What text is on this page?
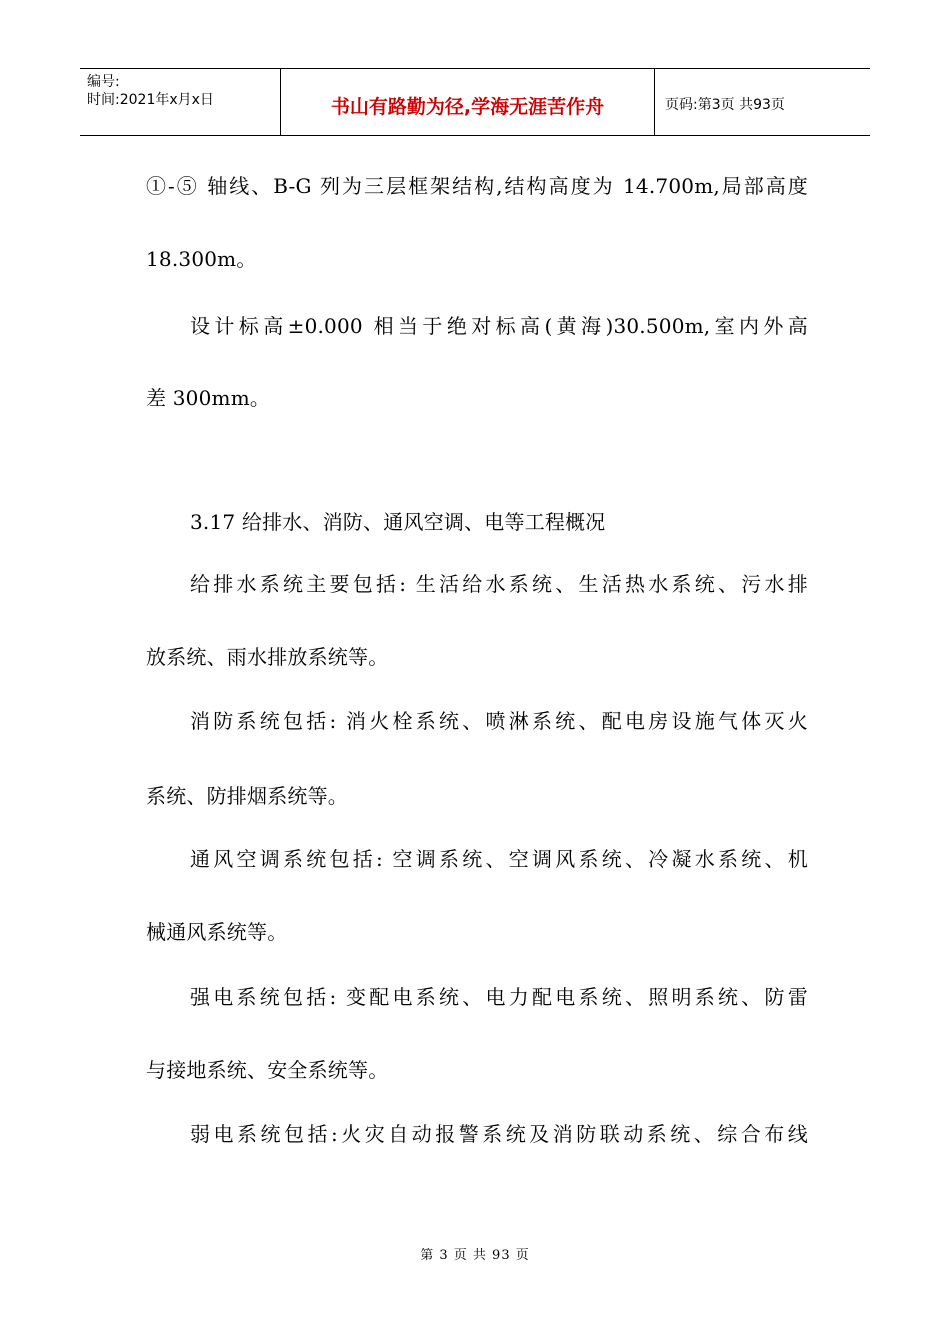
编号:
时间:2021年x月x日	书山有路勤为径,学海无涯苦作舟	页码:第3页 共93页
①-⑤ 轴线、B-G 列为三层框架结构,结构高度为 14.700m,局部高度
18.300m。
设计标高±0.000 相当于绝对标高(黄海)30.500m,室内外高
差 300mm。
3.17 给排水、消防、通风空调、电等工程概况
给排水系统主要包括: 生活给水系统、生活热水系统、污水排
放系统、雨水排放系统等。
消防系统包括: 消火栓系统、喷淋系统、配电房设施气体灭火
系统、防排烟系统等。
通风空调系统包括: 空调系统、空调风系统、冷凝水系统、机
械通风系统等。
强电系统包括: 变配电系统、电力配电系统、照明系统、防雷
与接地系统、安全系统等。
弱电系统包括:火灾自动报警系统及消防联动系统、综合布线
第 3 页 共 93 页
